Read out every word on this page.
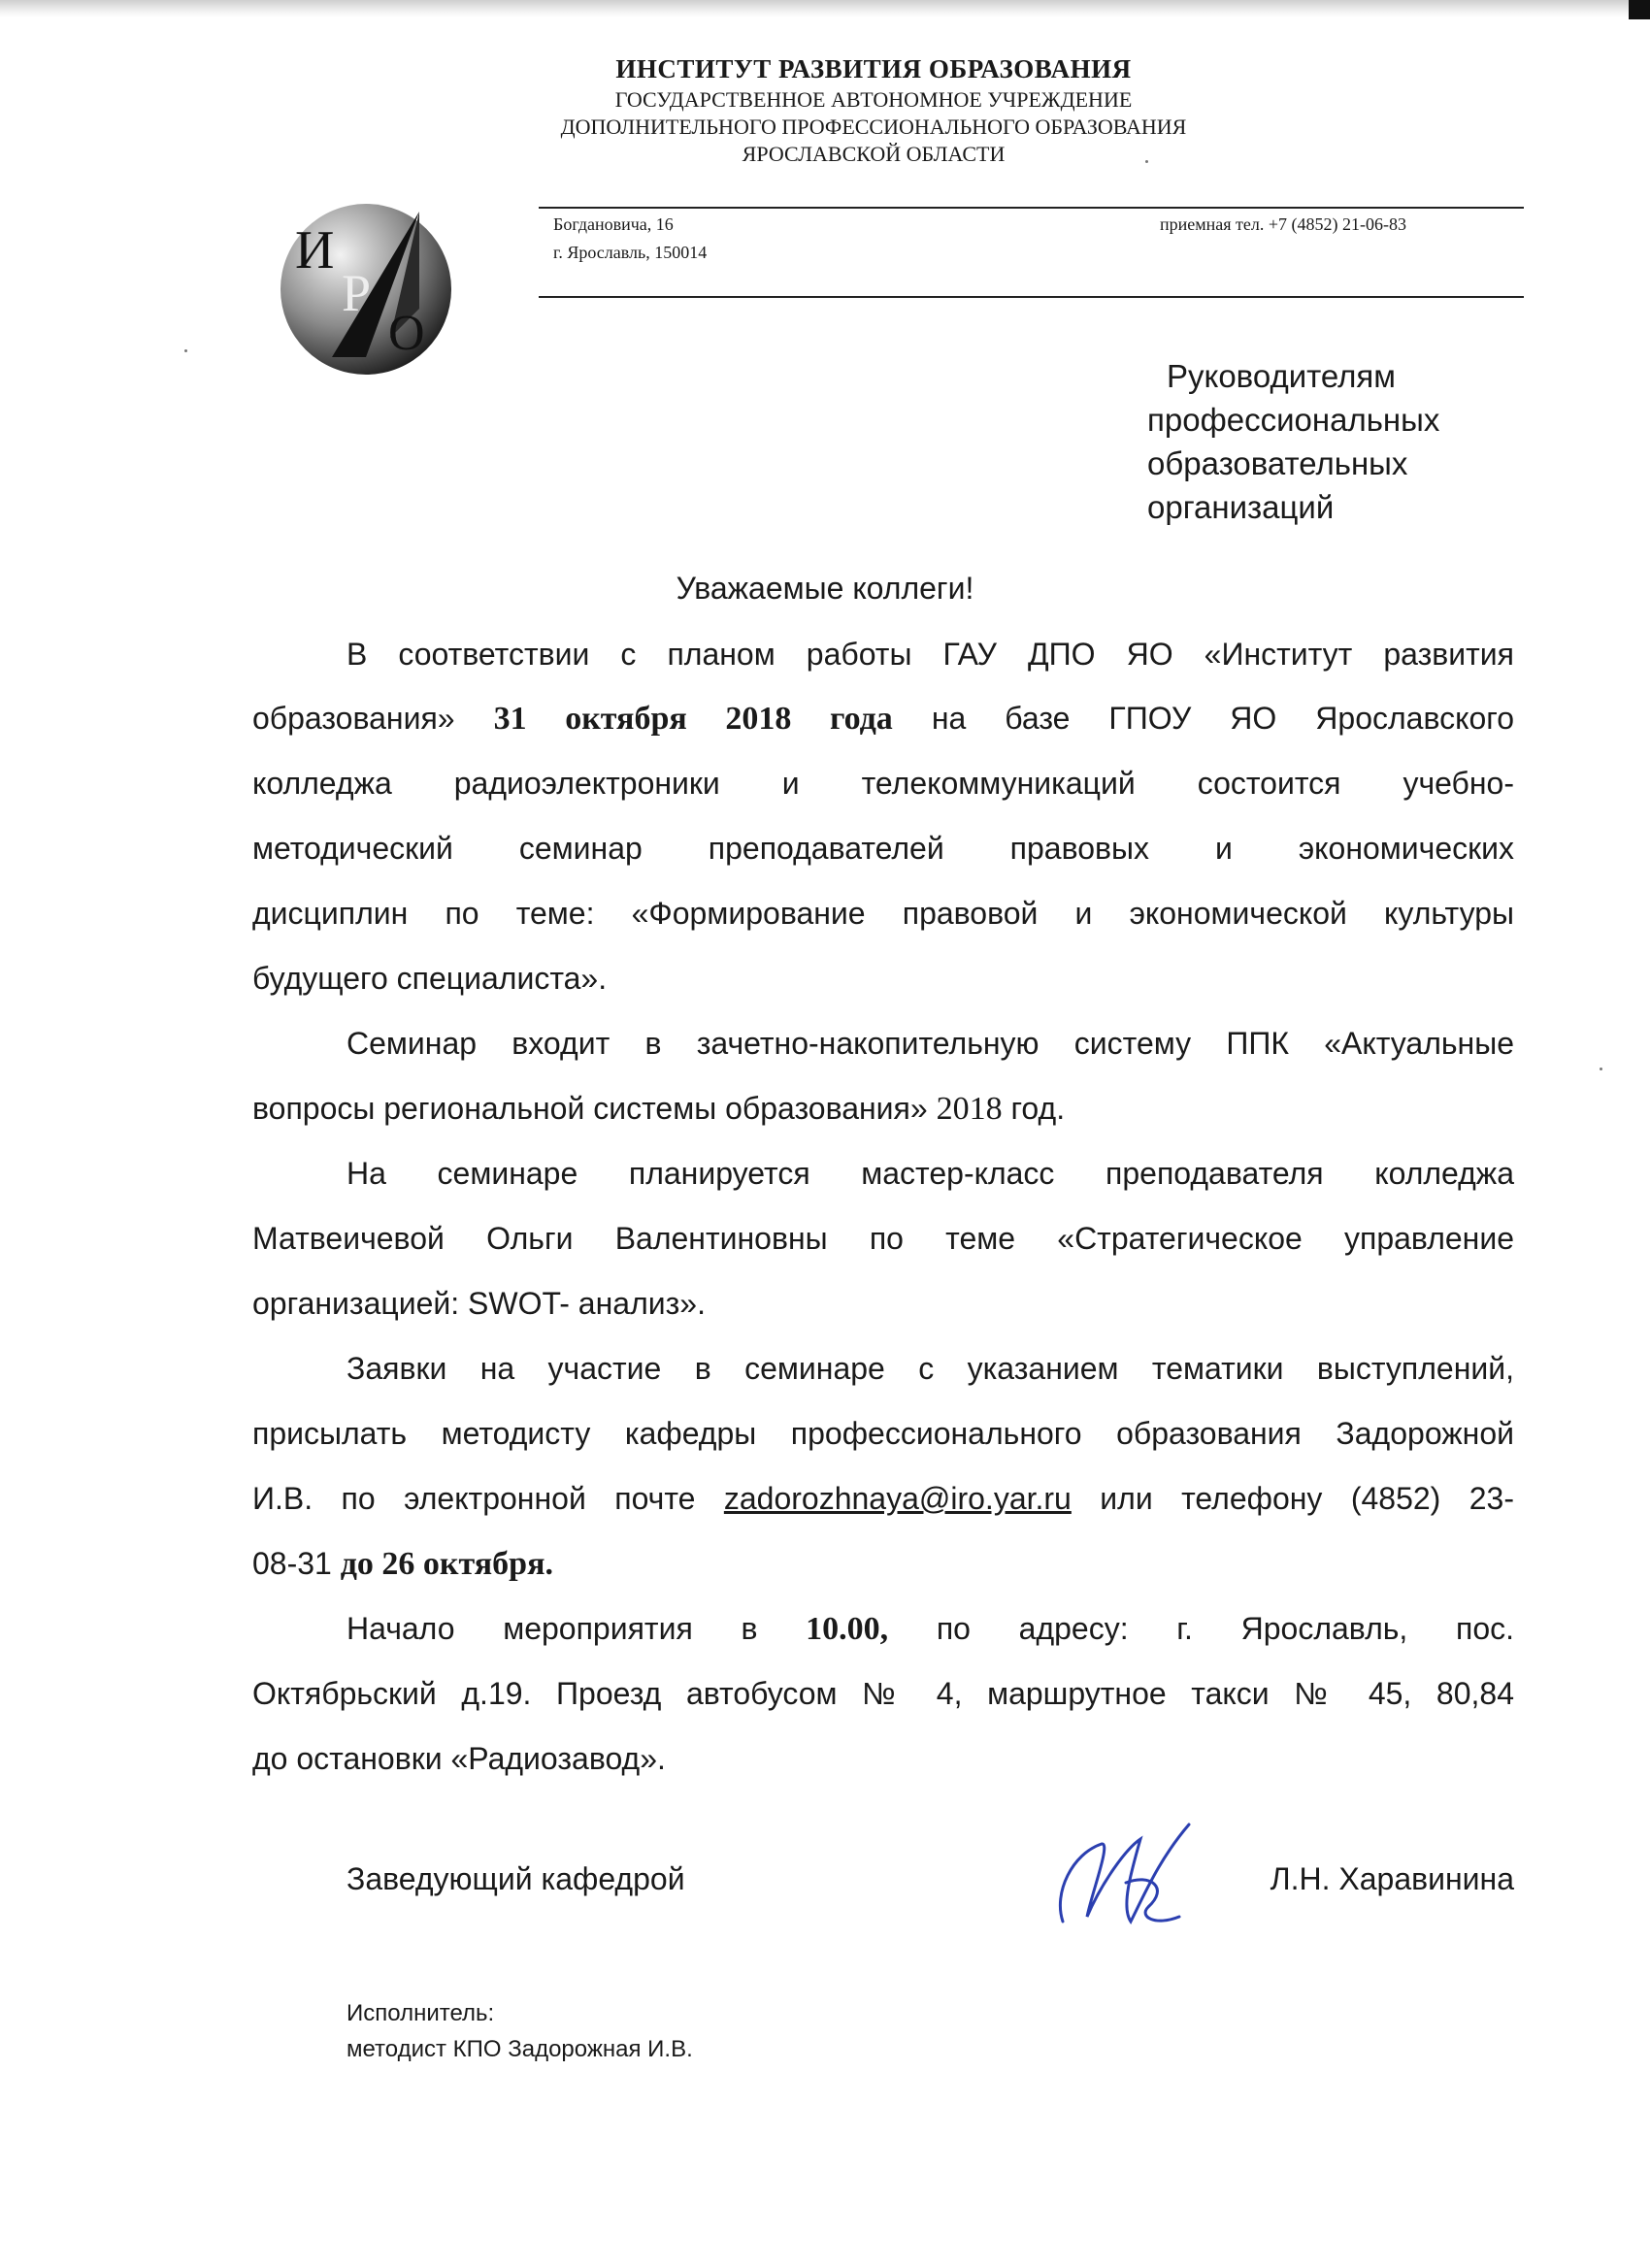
ИНСТИТУТ РАЗВИТИЯ ОБРАЗОВАНИЯ
ГОСУДАРСТВЕННОЕ АВТОНОМНОЕ УЧРЕЖДЕНИЕ
ДОПОЛНИТЕЛЬНОГО ПРОФЕССИОНАЛЬНОГО ОБРАЗОВАНИЯ
ЯРОСЛАВСКОЙ ОБЛАСТИ
И
Р
О
Богдановича, 16
г. Ярославль, 150014
приемная тел. +7 (4852) 21-06-83
Руководителям
профессиональных
образовательных
организаций
Уважаемые коллеги!
В соответствии с планом работы ГАУ ДПО ЯО «Институт развития
образования» 31 октября 2018 года на базе ГПОУ ЯО Ярославского
колледжа радиоэлектроники и телекоммуникаций состоится учебно-
методический семинар преподавателей правовых и экономических
дисциплин по теме: «Формирование правовой и экономической культуры
будущего специалиста».
Семинар входит в зачетно-накопительную систему ППК «Актуальные
вопросы региональной системы образования» 2018 год.
На семинаре планируется мастер-класс преподавателя колледжа
Матвеичевой Ольги Валентиновны по теме «Стратегическое управление
организацией: SWOT- анализ».
Заявки на участие в семинаре с указанием тематики выступлений,
присылать методисту кафедры профессионального образования Задорожной
И.В. по электронной почте zadorozhnaya@iro.yar.ru или телефону (4852) 23-
08-31 до 26 октября.
Начало мероприятия в 10.00, по адресу: г. Ярославль, пос.
Октябрьский д.19. Проезд автобусом № 4, маршрутное такси № 45, 80,84
до остановки «Радиозавод».
Заведующий кафедрой	Л.Н. Харавинина
Исполнитель:
методист КПО Задорожная И.В.
